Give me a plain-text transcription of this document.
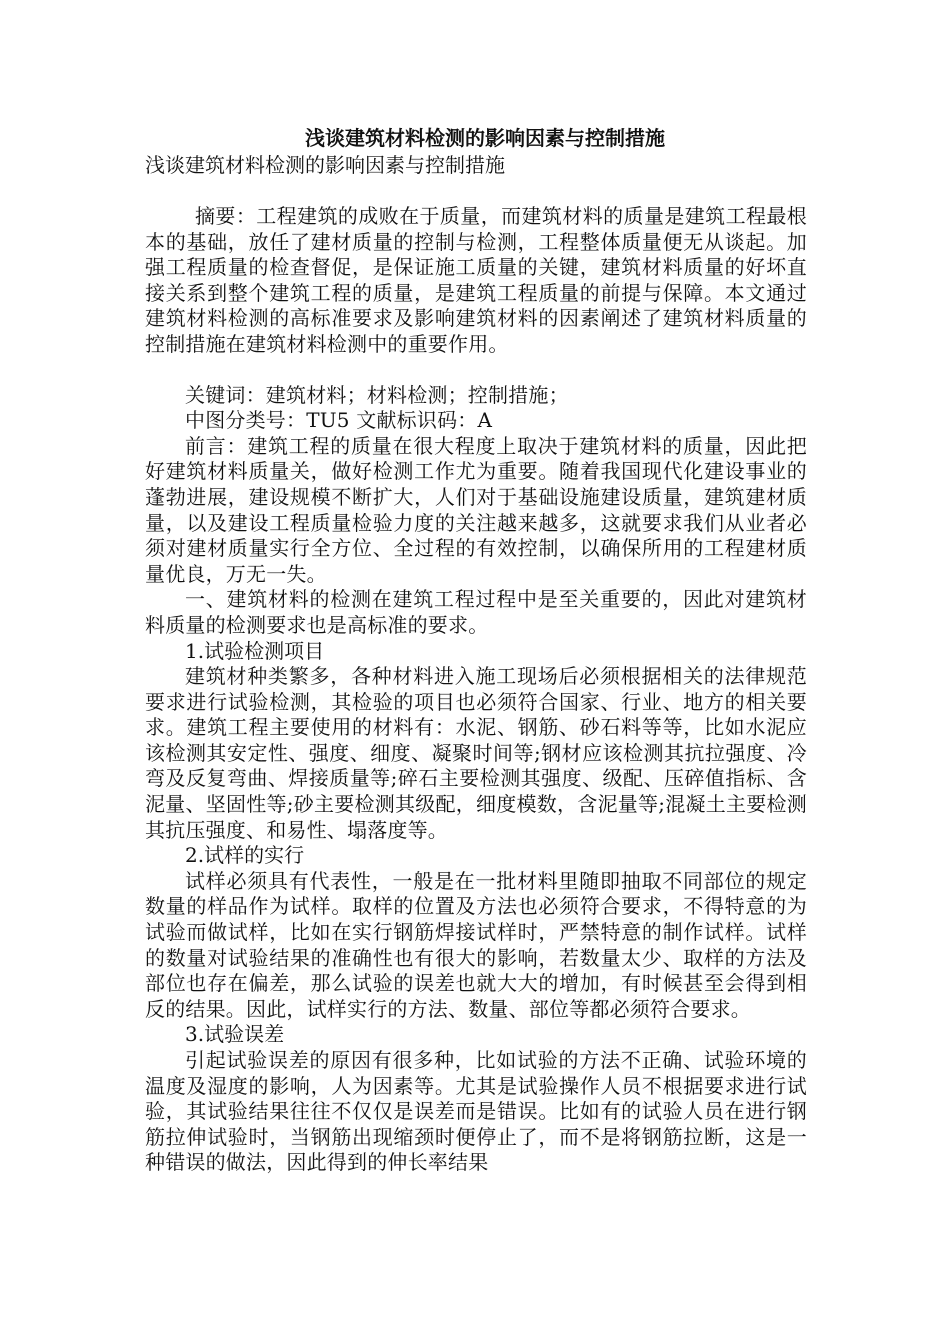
浅谈建筑材料检测的影响因素与控制措施
浅谈建筑材料检测的影响因素与控制措施

摘要：工程建筑的成败在于质量，而建筑材料的质量是建筑工程最根本的基础，放任了建材质量的控制与检测，工程整体质量便无从谈起。加强工程质量的检查督促，是保证施工质量的关键，建筑材料质量的好坏直接关系到整个建筑工程的质量，是建筑工程质量的前提与保障。本文通过建筑材料检测的高标准要求及影响建筑材料的因素阐述了建筑材料质量的控制措施在建筑材料检测中的重要作用。

关键词：建筑材料；材料检测；控制措施；

中图分类号：TU5 文献标识码：A

前言：建筑工程的质量在很大程度上取决于建筑材料的质量，因此把好建筑材料质量关，做好检测工作尤为重要。随着我国现代化建设事业的蓬勃进展，建设规模不断扩大，人们对于基础设施建设质量，建筑建材质量，以及建设工程质量检验力度的关注越来越多，这就要求我们从业者必须对建材质量实行全方位、全过程的有效控制，以确保所用的工程建材质量优良，万无一失。

一、建筑材料的检测在建筑工程过程中是至关重要的，因此对建筑材料质量的检测要求也是高标准的要求。

1.试验检测项目

建筑材种类繁多，各种材料进入施工现场后必须根据相关的法律规范要求进行试验检测，其检验的项目也必须符合国家、行业、地方的相关要求。建筑工程主要使用的材料有：水泥、钢筋、砂石料等等，比如水泥应该检测其安定性、强度、细度、凝聚时间等;钢材应该检测其抗拉强度、冷弯及反复弯曲、焊接质量等;碎石主要检测其强度、级配、压碎值指标、含泥量、坚固性等;砂主要检测其级配，细度模数，含泥量等;混凝土主要检测其抗压强度、和易性、塌落度等。

2.试样的实行

试样必须具有代表性，一般是在一批材料里随即抽取不同部位的规定数量的样品作为试样。取样的位置及方法也必须符合要求，不得特意的为试验而做试样，比如在实行钢筋焊接试样时，严禁特意的制作试样。试样的数量对试验结果的准确性也有很大的影响，若数量太少、取样的方法及部位也存在偏差，那么试验的误差也就大大的增加，有时候甚至会得到相反的结果。因此，试样实行的方法、数量、部位等都必须符合要求。

3.试验误差

引起试验误差的原因有很多种，比如试验的方法不正确、试验环境的温度及湿度的影响，人为因素等。尤其是试验操作人员不根据要求进行试验，其试验结果往往不仅仅是误差而是错误。比如有的试验人员在进行钢筋拉伸试验时，当钢筋出现缩颈时便停止了，而不是将钢筋拉断，这是一种错误的做法，因此得到的伸长率结果
